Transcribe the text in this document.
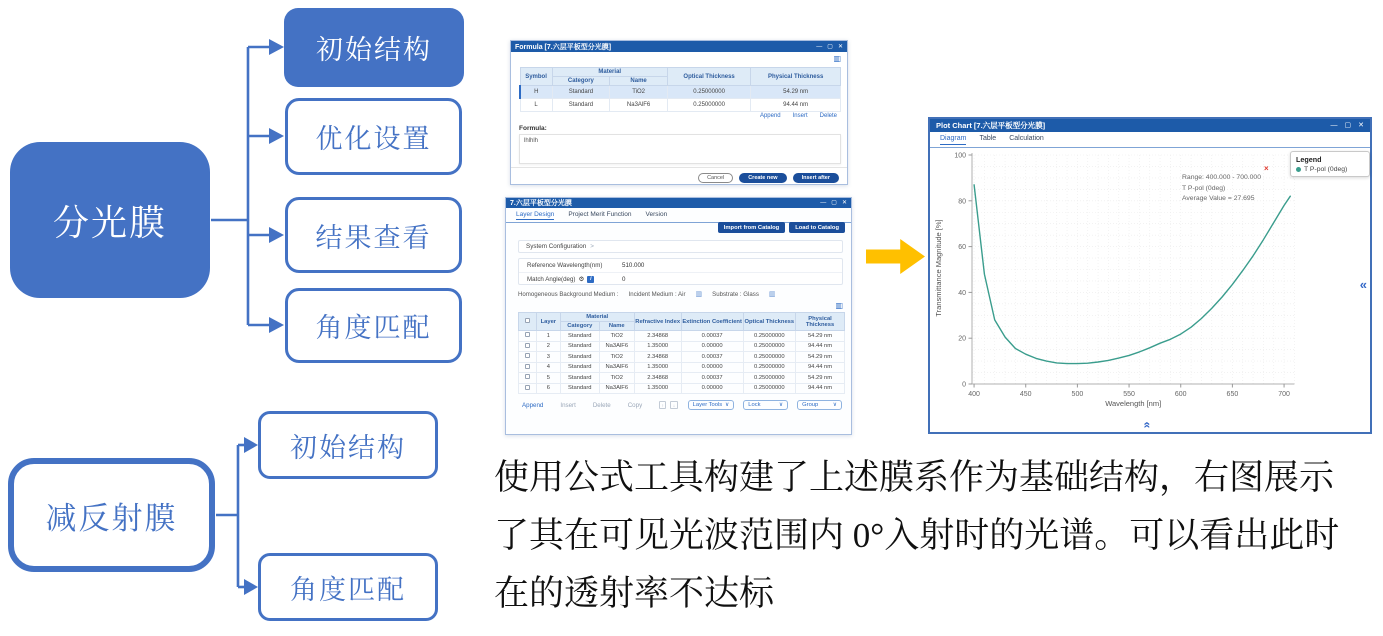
分光膜
初始结构
优化设置
结果查看
角度匹配
减反射膜
初始结构
角度匹配
Formula [7.六层平板型分光膜]	— ▢ ✕
▥
Symbol	Material		Optical Thickness	Physical Thickness
	Category	Name		
H	Standard	TiO2	0.25000000	54.29 nm
L	Standard	Na3AlF6	0.25000000	94.44 nm
Append Insert Delete
Formula:
lhlhlh
Cancel	Create new	Insert after
7.六层平板型分光膜	— ▢ ✕
Layer Design Project Merit Function Version
Import from Catalog	Load to Catalog
System Configuration >
Reference Wavelength(nm)	510.000
Match Angle(deg) ⚙	i	0
Homogeneous Background Medium : Incident Medium : Air ▥ Substrate : Glass ▥
▥
	Layer	Material		Refractive Index	Extinction Coefficient	Optical Thickness	Physical Thickness
		Category	Name				
	1	Standard	TiO2	2.34868	0.00037	0.25000000	54.29 nm
	2	Standard	Na3AlF6	1.35000	0.00000	0.25000000	94.44 nm
	3	Standard	TiO2	2.34868	0.00037	0.25000000	54.29 nm
	4	Standard	Na3AlF6	1.35000	0.00000	0.25000000	94.44 nm
	5	Standard	TiO2	2.34868	0.00037	0.25000000	54.29 nm
	6	Standard	Na3AlF6	1.35000	0.00000	0.25000000	94.44 nm
Append	Insert	Delete	Copy	↑	↓	Layer Tools ∨	Lock	∨	Group	∨
Plot Chart [7.六层平板型分光膜]	— ▢ ✕
Diagram Table Calculation
400	450	500	550	600	650	700
0
20
40
60
80
100
Wavelength [nm]
Transmittance Magnitude [%]
×
Range: 400.000 - 700.000
T P-pol (0deg)
Average Value = 27.695
Legend
T P-pol (0deg)
«
«
使用公式工具构建了上述膜系作为基础结构，右图展示
了其在可见光波范围内 0°入射时的光谱。可以看出此时
在的透射率不达标
